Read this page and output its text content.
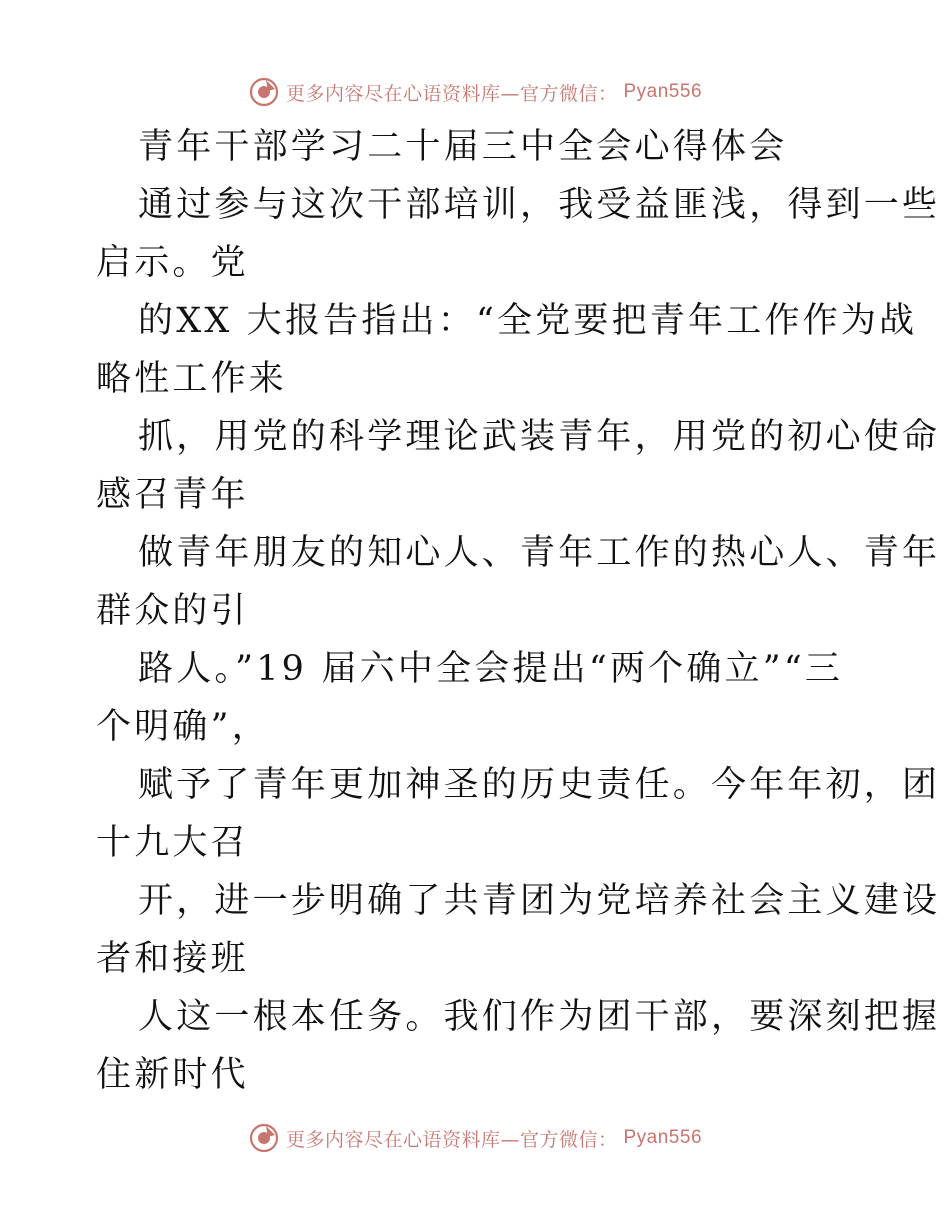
更多内容尽在心语资料库—官方微信： Pyan556
青年干部学习二十届三中全会心得体会
通过参与这次干部培训，我受益匪浅，得到一些
启示。党
的XX 大报告指出：“全党要把青年工作作为战
略性工作来
抓，用党的科学理论武装青年，用党的初心使命
感召青年
做青年朋友的知心人、青年工作的热心人、青年
群众的引
路人。”19 届六中全会提出“两个确立”“三
个明确”，
赋予了青年更加神圣的历史责任。今年年初，团
十九大召
开，进一步明确了共青团为党培养社会主义建设
者和接班
人这一根本任务。我们作为团干部，要深刻把握
住新时代
更多内容尽在心语资料库—官方微信： Pyan556
